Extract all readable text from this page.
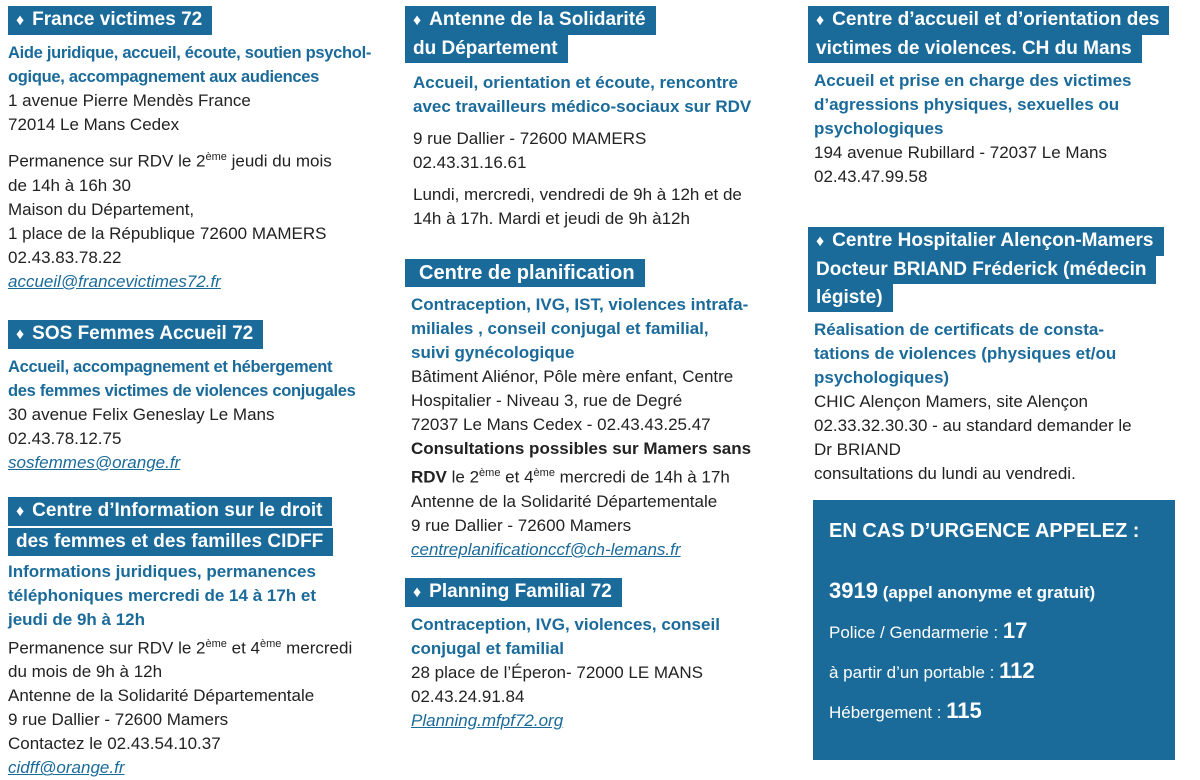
♦ France victimes 72
Aide juridique, accueil, écoute, soutien psychol-
ogique, accompagnement aux audiences
1 avenue Pierre Mendès France
72014 Le Mans Cedex
Permanence sur RDV le 2ème jeudi du mois
de 14h à 16h 30
Maison du Département,
1 place de la République 72600 MAMERS
02.43.83.78.22
accueil@francevictimes72.fr
♦ SOS Femmes Accueil 72
Accueil, accompagnement et hébergement
des femmes victimes de violences conjugales
30 avenue Felix Geneslay Le Mans
02.43.78.12.75
sosfemmes@orange.fr
♦ Centre d’Information sur le droit des femmes et des familles CIDFF
Informations juridiques, permanences
téléphoniques mercredi de 14 à 17h et
jeudi de 9h à 12h
Permanence sur RDV le 2ème et 4ème mercredi
du mois de 9h à 12h
Antenne de la Solidarité Départementale
9 rue Dallier - 72600 Mamers
Contactez le 02.43.54.10.37
cidff@orange.fr
♦ Antenne de la Solidarité
du Département
Accueil, orientation et écoute, rencontre
avec travailleurs médico-sociaux sur RDV
9 rue Dallier - 72600 MAMERS
02.43.31.16.61
Lundi, mercredi, vendredi de 9h à 12h et de
14h à 17h. Mardi et jeudi de 9h à12h
Centre de planification
Contraception, IVG, IST, violences intrafa-
miliales , conseil conjugal et familial,
suivi gynécologique
Bâtiment Aliénor, Pôle mère enfant, Centre
Hospitalier - Niveau 3, rue de Degré
72037 Le Mans Cedex - 02.43.43.25.47
Consultations possibles sur Mamers sans
RDV le 2ème et 4ème mercredi de 14h à 17h
Antenne de la Solidarité Départementale
9 rue Dallier - 72600 Mamers
centreplanificationccf@ch-lemans.fr
♦ Planning Familial 72
Contraception, IVG, violences, conseil
conjugal et familial
28 place de l’Éperon- 72000 LE MANS
02.43.24.91.84
Planning.mfpf72.org
♦ Centre d’accueil et d’orientation des
victimes de violences. CH du Mans
Accueil et prise en charge des victimes
d’agressions physiques, sexuelles ou
psychologiques
194 avenue Rubillard - 72037 Le Mans
02.43.47.99.58
♦ Centre Hospitalier Alençon-Mamers
Docteur BRIAND Fréderick (médecin
légiste)
Réalisation de certificats de consta-
tations de violences (physiques et/ou
psychologiques)
CHIC Alençon Mamers, site Alençon
02.33.32.30.30 - au standard demander le
Dr BRIAND
consultations du lundi au vendredi.
EN CAS D’URGENCE APPELEZ :
3919 (appel anonyme et gratuit)
Police / Gendarmerie : 17
à partir d’un portable : 112
Hébergement : 115
